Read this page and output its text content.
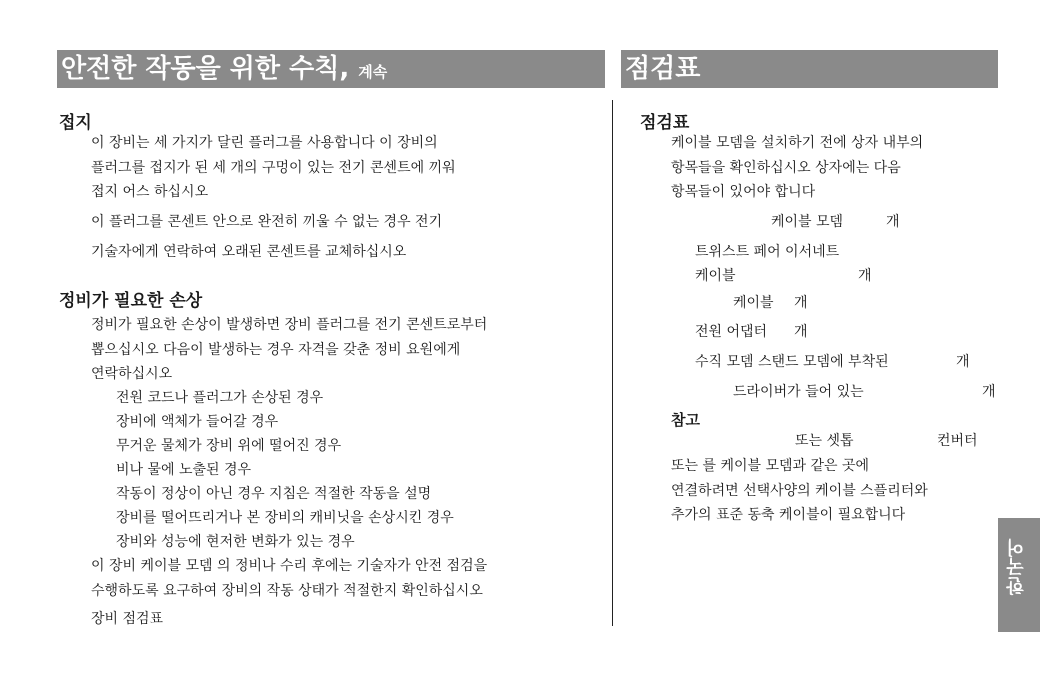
안전한 작동을 위한 수칙, 계속	점검표
접지
이 장비는 세 가지가 달린 플러그를 사용합니다 이 장비의
플러그를 접지가 된 세 개의 구멍이 있는 전기 콘센트에 끼워
접지 어스 하십시오
이 플러그를 콘센트 안으로 완전히 끼울 수 없는 경우 전기
기술자에게 연락하여 오래된 콘센트를 교체하십시오
정비가 필요한 손상
정비가 필요한 손상이 발생하면 장비 플러그를 전기 콘센트로부터
뽑으십시오 다음이 발생하는 경우 자격을 갖춘 정비 요원에게
연락하십시오
전원 코드나 플러그가 손상된 경우
장비에 액체가 들어갈 경우
무거운 물체가 장비 위에 떨어진 경우
비나 물에 노출된 경우
작동이 정상이 아닌 경우 지침은 적절한 작동을 설명
장비를 떨어뜨리거나 본 장비의 캐비닛을 손상시킨 경우
장비와 성능에 현저한 변화가 있는 경우
이 장비 케이블 모뎀 의 정비나 수리 후에는 기술자가 안전 점검을
수행하도록 요구하여 장비의 작동 상태가 적절한지 확인하십시오
장비 점검표
점검표
케이블 모뎀을 설치하기 전에 상자 내부의
항목들을 확인하십시오 상자에는 다음
항목들이 있어야 합니다
케이블 모뎀	개
트위스트 페어 이서네트
케이블	개
케이블 개
전원 어댑터 개
수직 모뎀 스탠드 모뎀에 부착된	개
드라이버가 들어 있는	개
참고
또는 셋톱	컨버터
또는 를 케이블 모뎀과 같은 곳에
연결하려면 선택사양의 케이블 스플리터와
추가의 표준 동축 케이블이 필요합니다
한국어
